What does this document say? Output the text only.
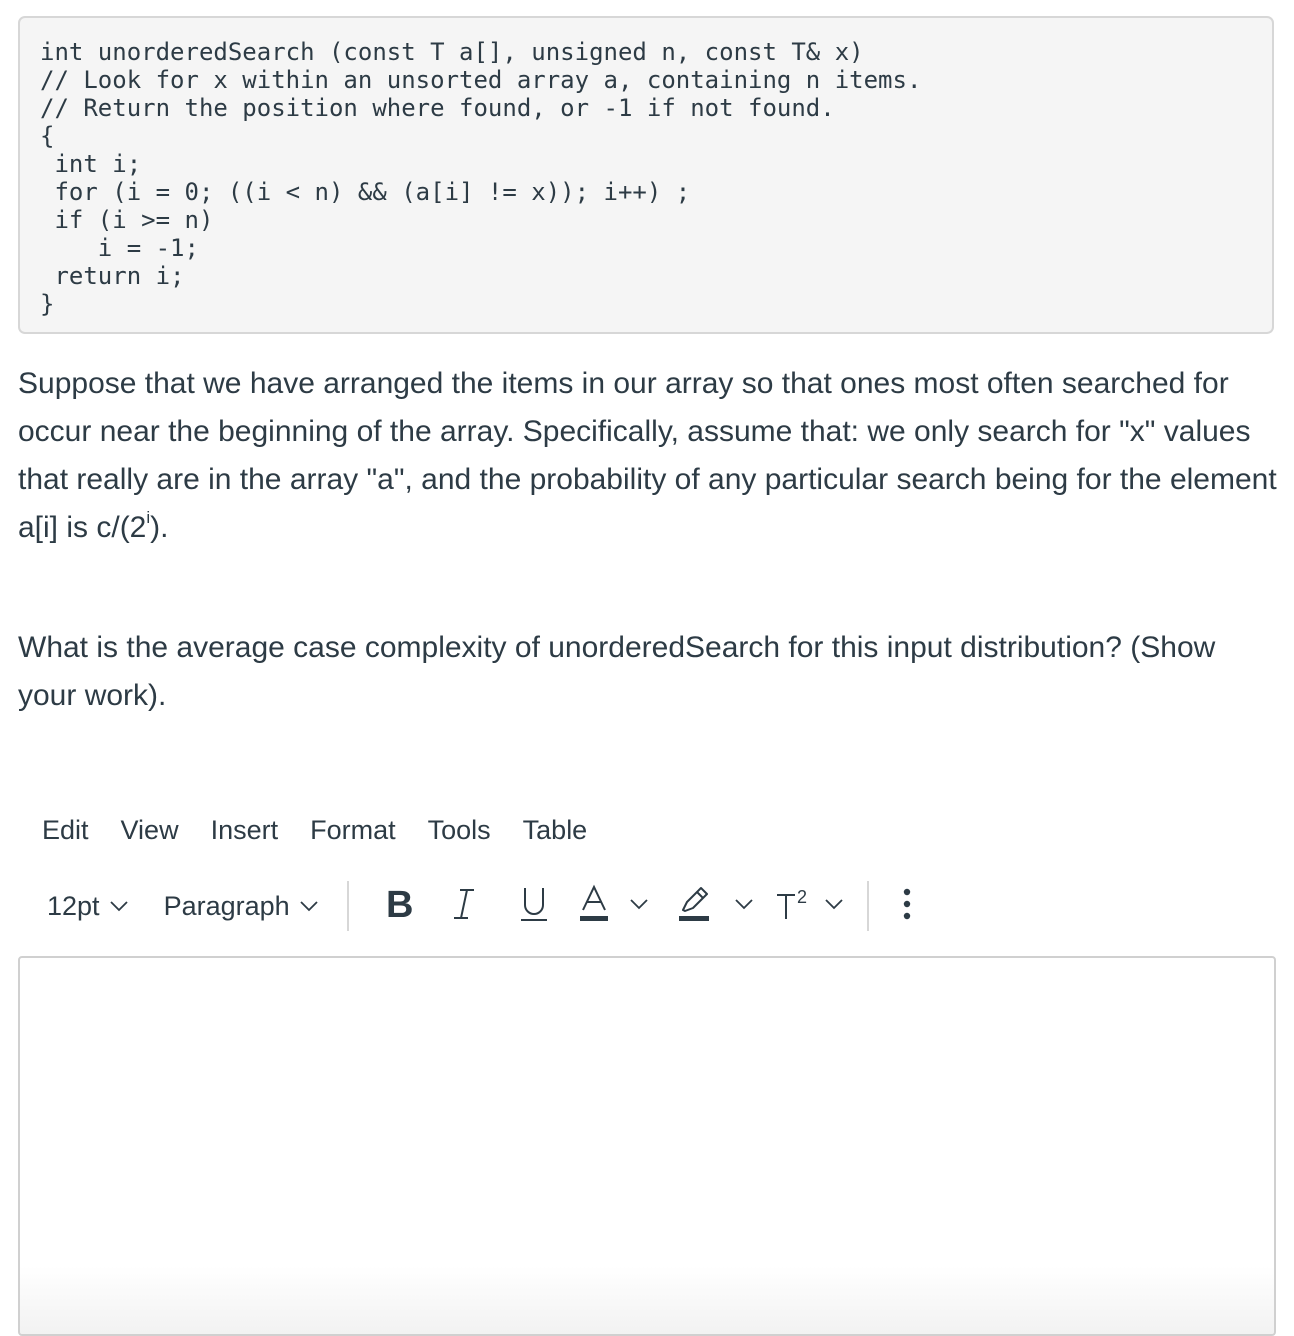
int unorderedSearch (const T a[], unsigned n, const T& x)
// Look for x within an unsorted array a, containing n items.
// Return the position where found, or -1 if not found.
{
int i;
for (i = 0; ((i < n) && (a[i] != x)); i++) ;
if (i >= n)
i = -1;
return i;
}
Suppose that we have arranged the items in our array so that ones most often searched for occur near the beginning of the array. Specifically, assume that: we only search for "x" values that really are in the array "a", and the probability of any particular search being for the element a[i] is c/(2$^i$).
What is the average case complexity of unorderedSearch for this input distribution? (Show your work).
Edit	View	Insert	Format	Tools	Table
12pt Paragraph	B	2
